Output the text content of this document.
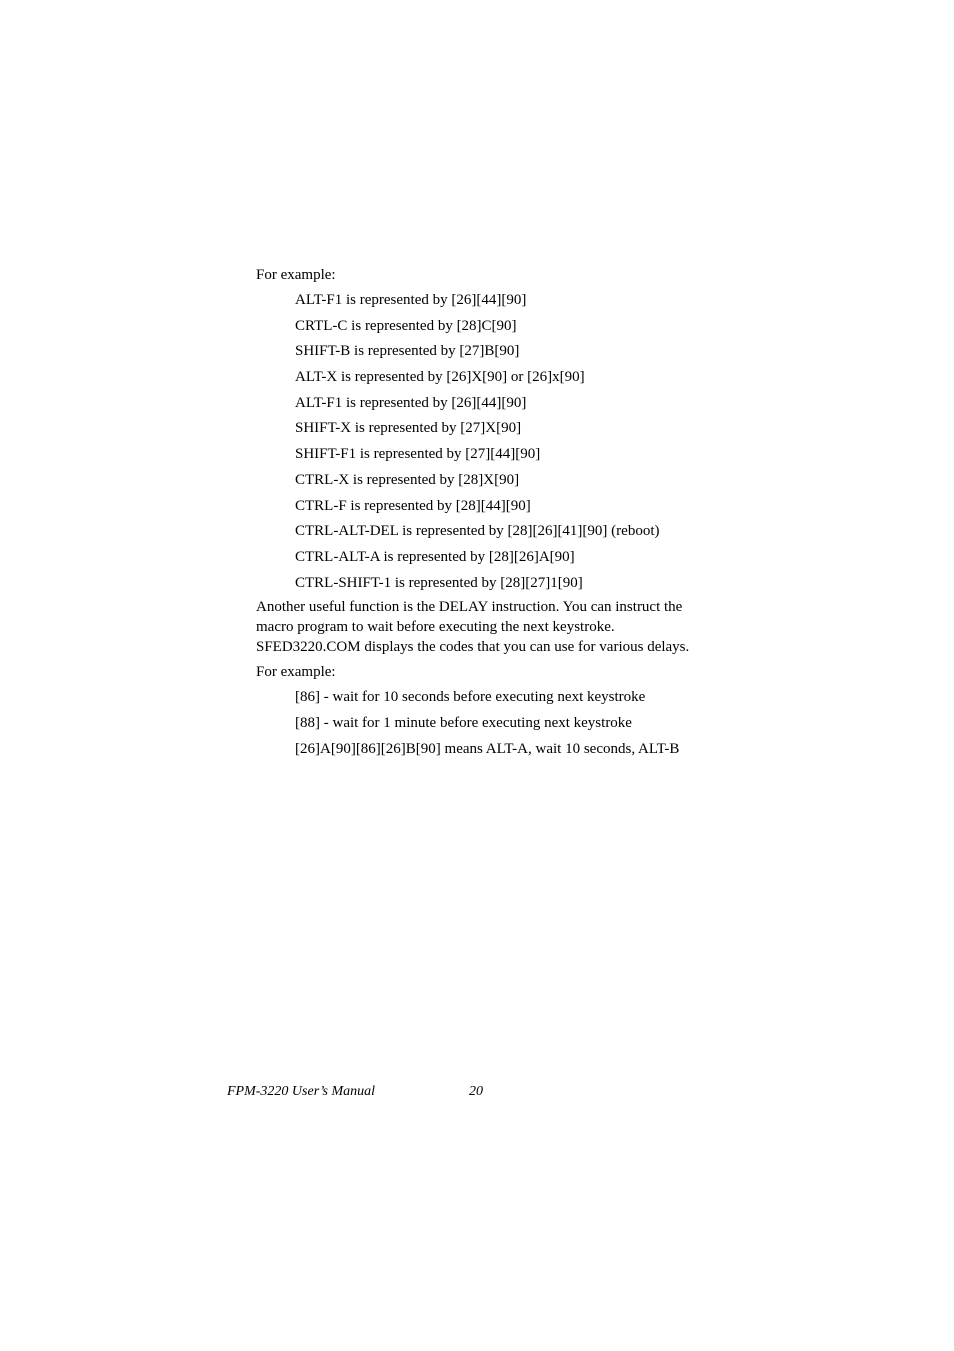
For example:

ALT-F1 is represented by [26][44][90]
CRTL-C is represented by [28]C[90]
SHIFT-B is represented by [27]B[90]
ALT-X is represented by [26]X[90] or [26]x[90]
ALT-F1 is represented by [26][44][90]
SHIFT-X is represented by [27]X[90]
SHIFT-F1 is represented by [27][44][90]
CTRL-X is represented by [28]X[90]
CTRL-F is represented by [28][44][90]
CTRL-ALT-DEL is represented by [28][26][41][90] (reboot)
CTRL-ALT-A is represented by [28][26]A[90]
CTRL-SHIFT-1 is represented by [28][27]1[90]
Another useful function is the DELAY instruction. You can instruct the
macro program to wait before executing the next keystroke.
SFED3220.COM displays the codes that you can use for various delays.

For example:

[86] - wait for 10 seconds before executing next keystroke
[88] - wait for 1 minute before executing next keystroke
[26]A[90][86][26]B[90] means ALT-A, wait 10 seconds, ALT-B
FPM-3220 User’s Manual	20
